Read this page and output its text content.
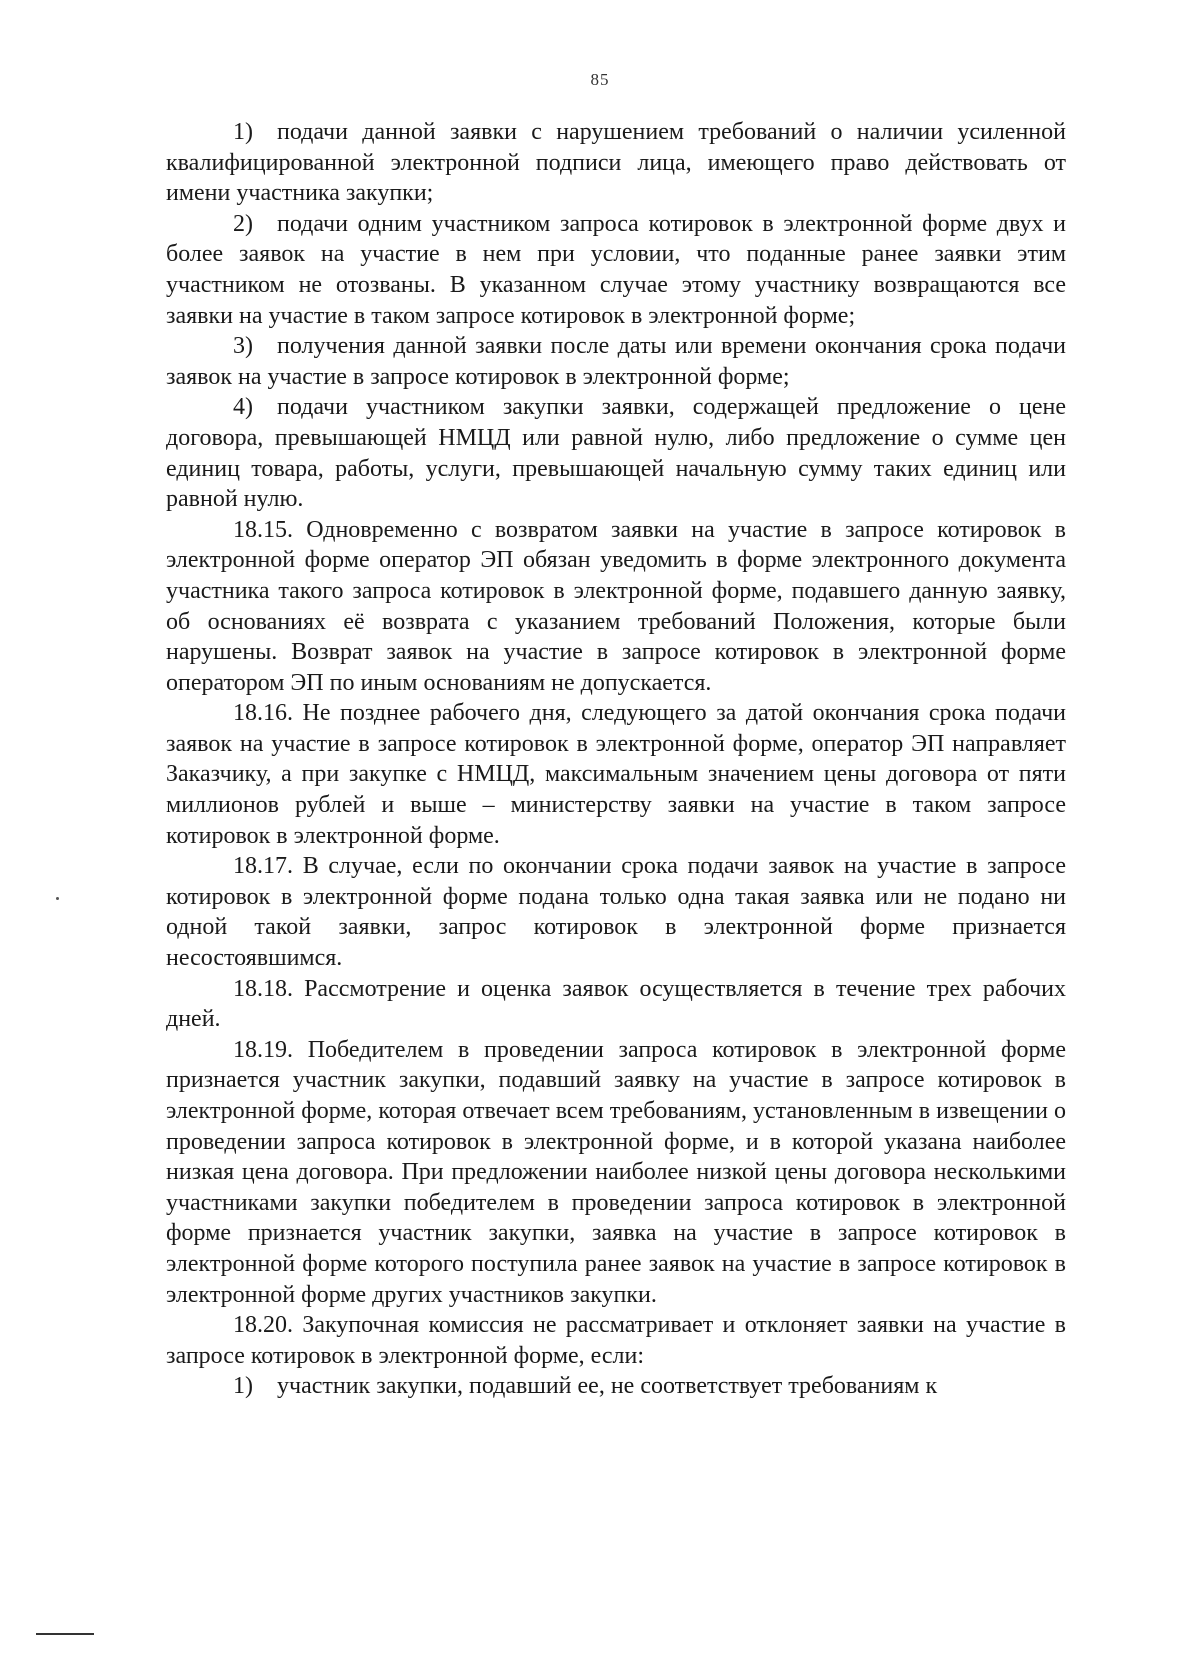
85

1) подачи данной заявки с нарушением требований о наличии усиленной квалифицированной электронной подписи лица, имеющего право действовать от имени участника закупки;

2) подачи одним участником запроса котировок в электронной форме двух и более заявок на участие в нем при условии, что поданные ранее заявки этим участником не отозваны. В указанном случае этому участнику возвращаются все заявки на участие в таком запросе котировок в электронной форме;

3) получения данной заявки после даты или времени окончания срока подачи заявок на участие в запросе котировок в электронной форме;

4) подачи участником закупки заявки, содержащей предложение о цене договора, превышающей НМЦД или равной нулю, либо предложение о сумме цен единиц товара, работы, услуги, превышающей начальную сумму таких единиц или равной нулю.

18.15. Одновременно с возвратом заявки на участие в запросе котировок в электронной форме оператор ЭП обязан уведомить в форме электронного документа участника такого запроса котировок в электронной форме, подавшего данную заявку, об основаниях её возврата с указанием требований Положения, которые были нарушены. Возврат заявок на участие в запросе котировок в электронной форме оператором ЭП по иным основаниям не допускается.

18.16. Не позднее рабочего дня, следующего за датой окончания срока подачи заявок на участие в запросе котировок в электронной форме, оператор ЭП направляет Заказчику, а при закупке с НМЦД, максимальным значением цены договора от пяти миллионов рублей и выше – министерству заявки на участие в таком запросе котировок в электронной форме.

18.17. В случае, если по окончании срока подачи заявок на участие в запросе котировок в электронной форме подана только одна такая заявка или не подано ни одной такой заявки, запрос котировок в электронной форме признается несостоявшимся.

18.18. Рассмотрение и оценка заявок осуществляется в течение трех рабочих дней.

18.19. Победителем в проведении запроса котировок в электронной форме признается участник закупки, подавший заявку на участие в запросе котировок в электронной форме, которая отвечает всем требованиям, установленным в извещении о проведении запроса котировок в электронной форме, и в которой указана наиболее низкая цена договора. При предложении наиболее низкой цены договора несколькими участниками закупки победителем в проведении запроса котировок в электронной форме признается участник закупки, заявка на участие в запросе котировок в электронной форме которого поступила ранее заявок на участие в запросе котировок в электронной форме других участников закупки.

18.20. Закупочная комиссия не рассматривает и отклоняет заявки на участие в запросе котировок в электронной форме, если:

1) участник закупки, подавший ее, не соответствует требованиям к
